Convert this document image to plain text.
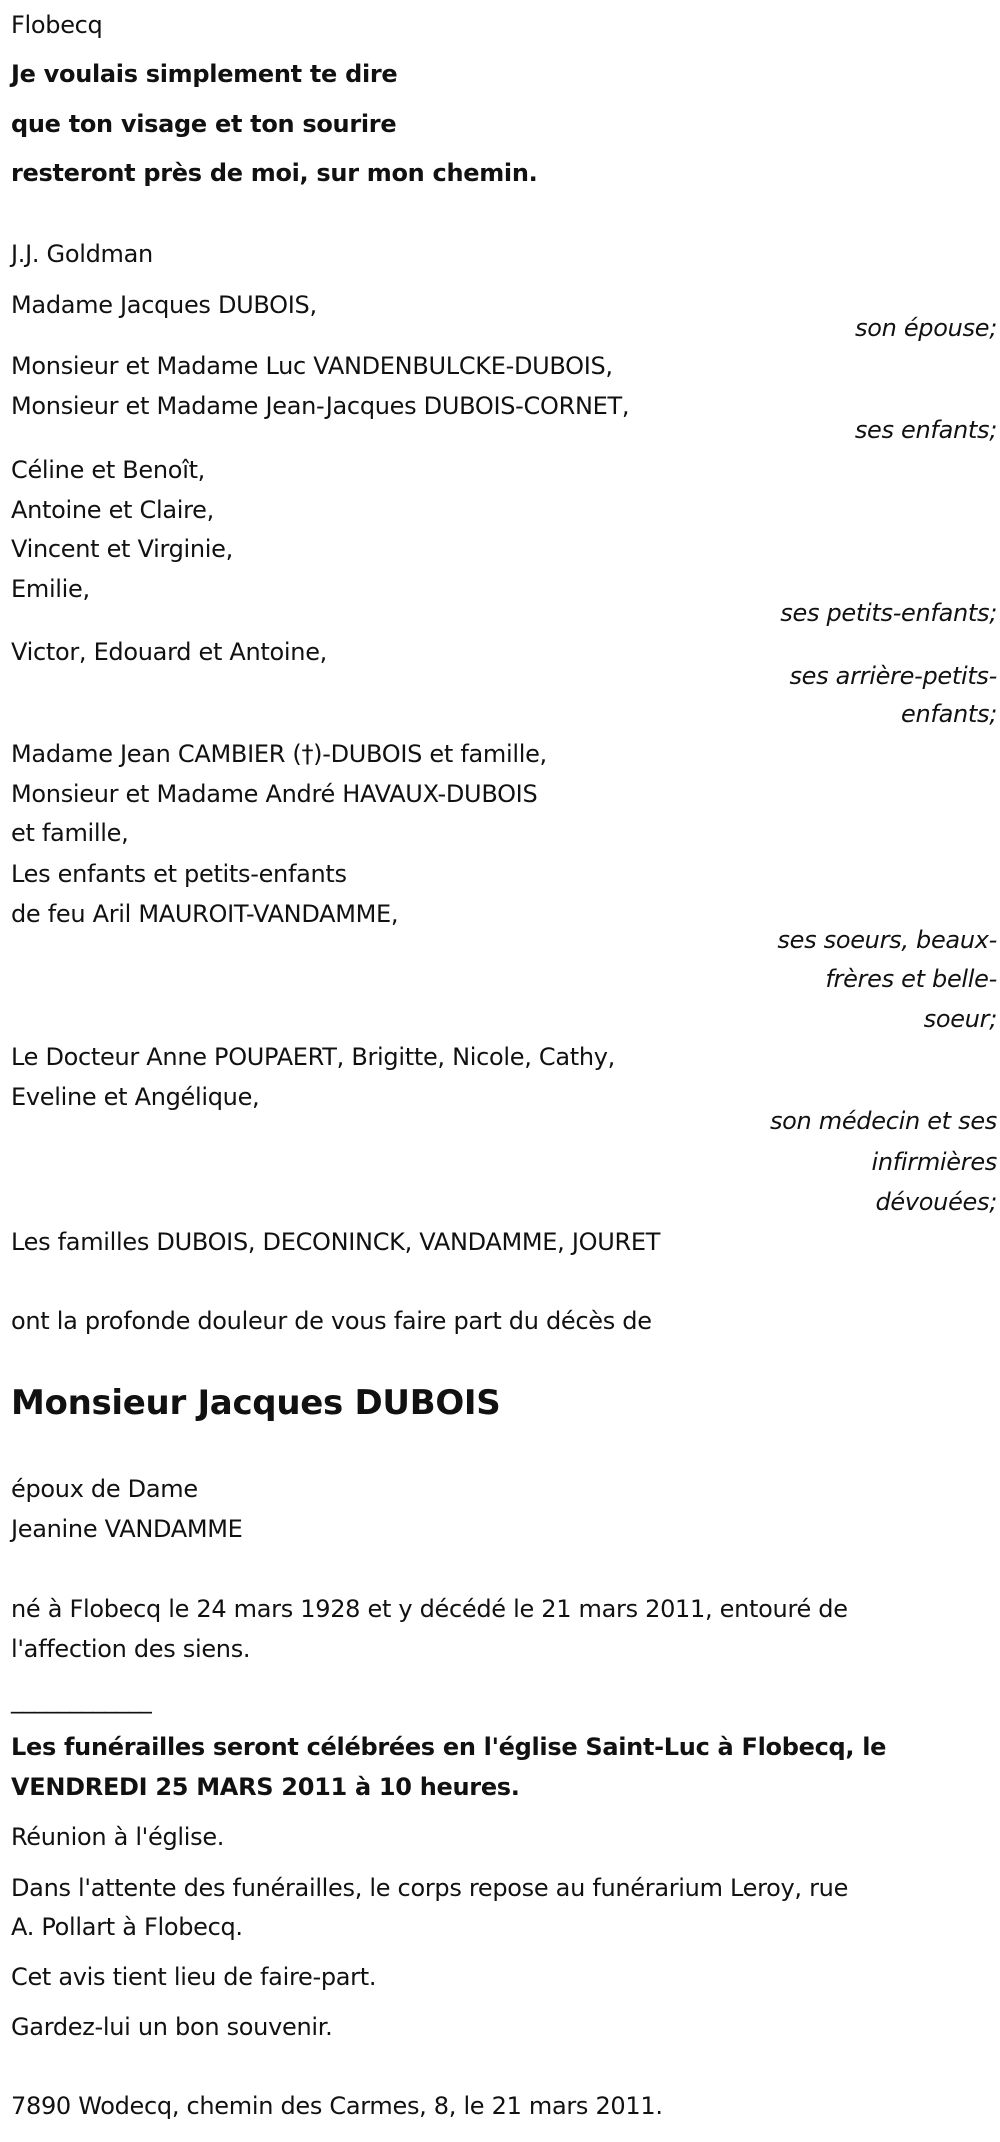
Flobecq
Je voulais simplement te dire
que ton visage et ton sourire
resteront près de moi, sur mon chemin.
J.J. Goldman
Madame Jacques DUBOIS,
son épouse;
Monsieur et Madame Luc VANDENBULCKE-DUBOIS,
Monsieur et Madame Jean-Jacques DUBOIS-CORNET,
ses enfants;
Céline et Benoît,
Antoine et Claire,
Vincent et Virginie,
Emilie,
ses petits-enfants;
Victor, Edouard et Antoine,
ses arrière-petits-
enfants;
Madame Jean CAMBIER (†)-DUBOIS et famille,
Monsieur et Madame André HAVAUX-DUBOIS
et famille,
Les enfants et petits-enfants
de feu Aril MAUROIT-VANDAMME,
ses soeurs, beaux-
frères et belle-
soeur;
Le Docteur Anne POUPAERT, Brigitte, Nicole, Cathy,
Eveline et Angélique,
son médecin et ses
infirmières
dévouées;
Les familles DUBOIS, DECONINCK, VANDAMME, JOURET
ont la profonde douleur de vous faire part du décès de
Monsieur Jacques DUBOIS
époux de Dame
Jeanine VANDAMME
né à Flobecq le 24 mars 1928 et y décédé le 21 mars 2011, entouré de
l'affection des siens.
____________
Les funérailles seront célébrées en l'église Saint-Luc à Flobecq, le
VENDREDI 25 MARS 2011 à 10 heures.
Réunion à l'église.
Dans l'attente des funérailles, le corps repose au funérarium Leroy, rue
A. Pollart à Flobecq.
Cet avis tient lieu de faire-part.
Gardez-lui un bon souvenir.
7890 Wodecq, chemin des Carmes, 8, le 21 mars 2011.
